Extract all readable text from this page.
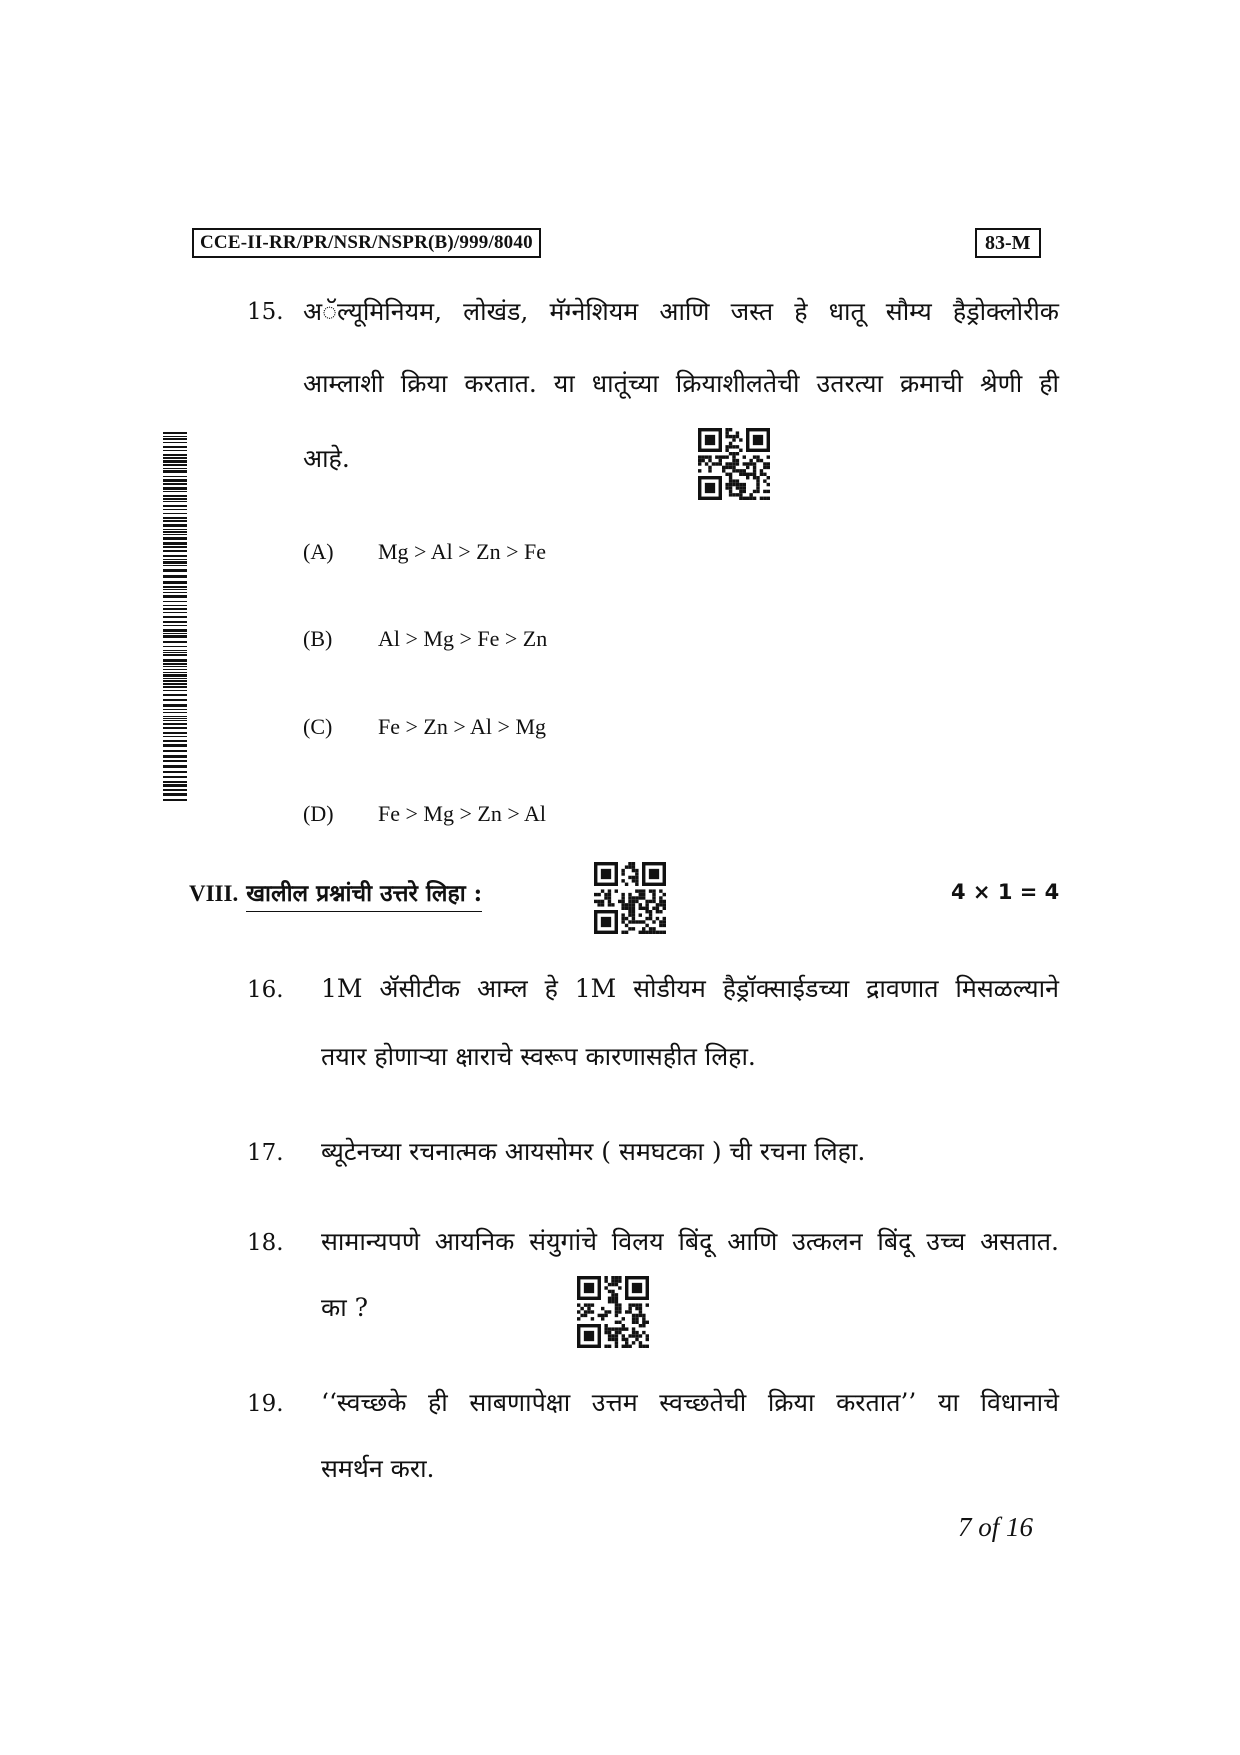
CCE-II-RR/PR/NSR/NSPR(B)/999/8040	83-M
15. अॅल्यूमिनियम, लोखंड, मॅग्नेशियम आणि जस्त हे धातू सौम्य हैड्रोक्लोरीक
आम्लाशी क्रिया करतात. या धातूंच्या क्रियाशीलतेची उतरत्या क्रमाची श्रेणी ही
आहे.
(A) Mg > Al > Zn > Fe
(B) Al > Mg > Fe > Zn
(C) Fe > Zn > Al > Mg
(D) Fe > Mg > Zn > Al
VIII. खालील प्रश्नांची उत्तरे लिहा :	4 × 1 = 4
16. 1M ॲसीटीक आम्ल हे 1M सोडीयम हैड्रॉक्साईडच्या द्रावणात मिसळल्याने
तयार होणाऱ्या क्षाराचे स्वरूप कारणासहीत लिहा.
17. ब्यूटेनच्या रचनात्मक आयसोमर ( समघटका ) ची रचना लिहा.
18. सामान्यपणे आयनिक संयुगांचे विलय बिंदू आणि उत्कलन बिंदू उच्च असतात.
का ?
19. ‘‘स्वच्छके ही साबणापेक्षा उत्तम स्वच्छतेची क्रिया करतात’’ या विधानाचे
समर्थन करा.
7 of 16
